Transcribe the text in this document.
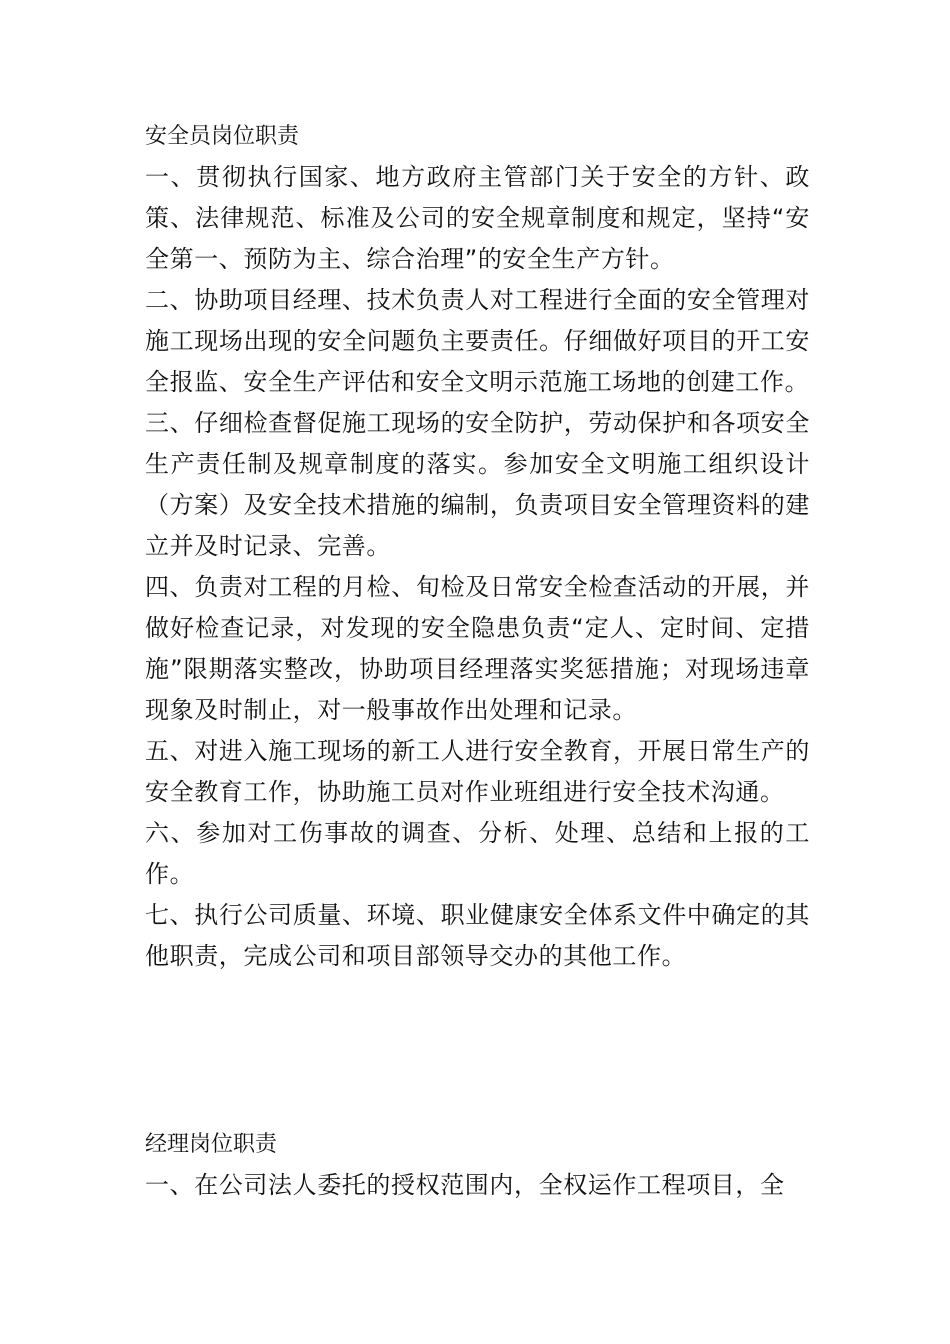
安全员岗位职责

一、贯彻执行国家、地方政府主管部门关于安全的方针、政策、法律规范、标准及公司的安全规章制度和规定，坚持“安全第一、预防为主、综合治理”的安全生产方针。

二、协助项目经理、技术负责人对工程进行全面的安全管理对施工现场出现的安全问题负主要责任。仔细做好项目的开工安全报监、安全生产评估和安全文明示范施工场地的创建工作。

三、仔细检查督促施工现场的安全防护，劳动保护和各项安全生产责任制及规章制度的落实。参加安全文明施工组织设计（方案）及安全技术措施的编制，负责项目安全管理资料的建立并及时记录、完善。

四、负责对工程的月检、旬检及日常安全检查活动的开展，并做好检查记录，对发现的安全隐患负责“定人、定时间、定措施”限期落实整改，协助项目经理落实奖惩措施；对现场违章现象及时制止，对一般事故作出处理和记录。

五、对进入施工现场的新工人进行安全教育，开展日常生产的安全教育工作，协助施工员对作业班组进行安全技术沟通。

六、参加对工伤事故的调查、分析、处理、总结和上报的工作。

七、执行公司质量、环境、职业健康安全体系文件中确定的其他职责，完成公司和项目部领导交办的其他工作。

经理岗位职责

一、在公司法人委托的授权范围内，全权运作工程项目，全
